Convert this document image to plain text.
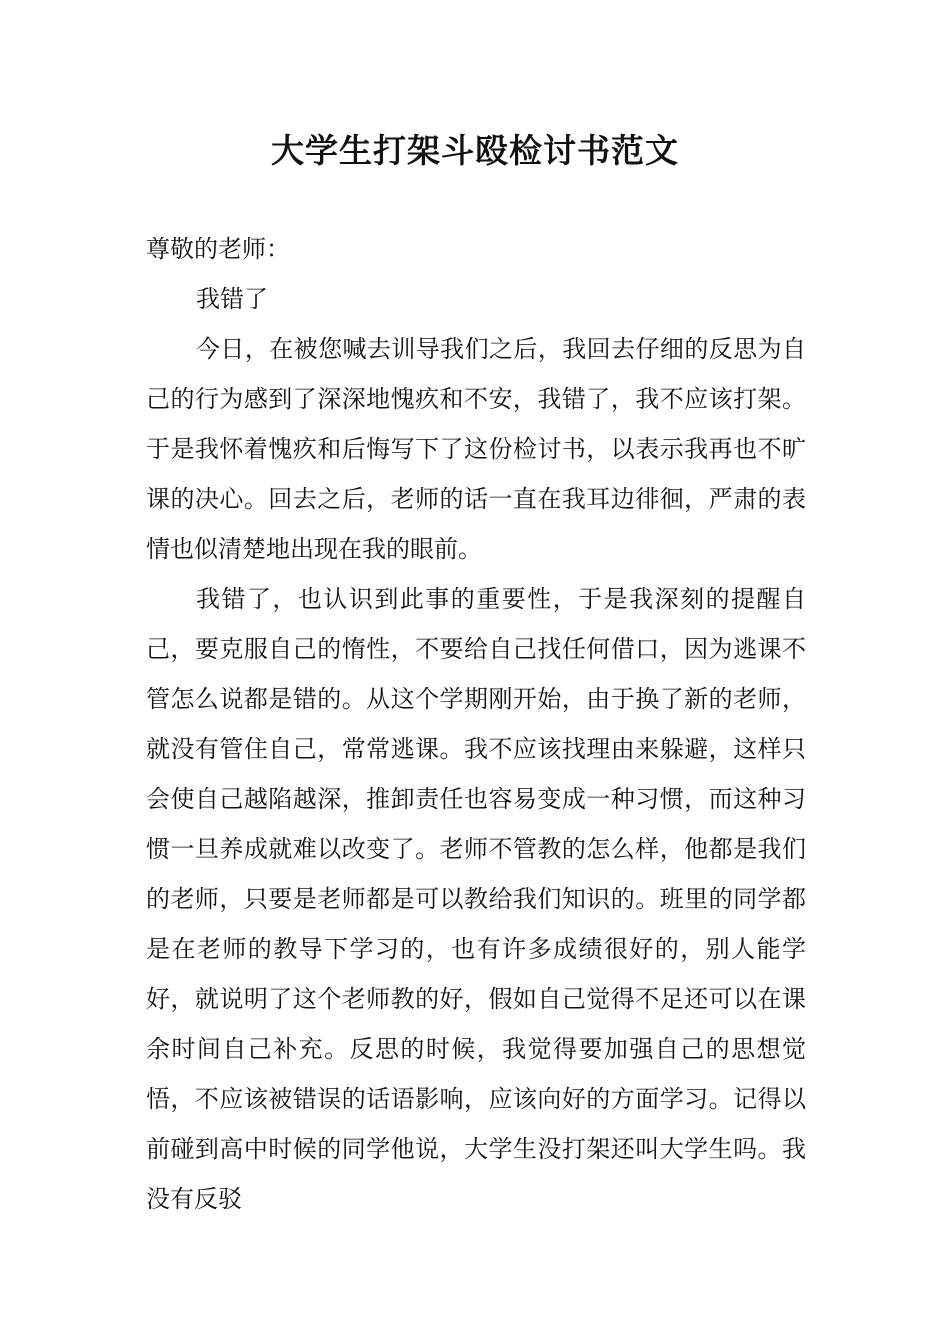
大学生打架斗殴检讨书范文

尊敬的老师：

我错了

今日，在被您喊去训导我们之后，我回去仔细的反思为自己的行为感到了深深地愧疚和不安，我错了，我不应该打架。于是我怀着愧疚和后悔写下了这份检讨书，以表示我再也不旷课的决心。回去之后，老师的话一直在我耳边徘徊，严肃的表情也似清楚地出现在我的眼前。

我错了，也认识到此事的重要性，于是我深刻的提醒自己，要克服自己的惰性，不要给自己找任何借口，因为逃课不管怎么说都是错的。从这个学期刚开始，由于换了新的老师，就没有管住自己，常常逃课。我不应该找理由来躲避，这样只会使自己越陷越深，推卸责任也容易变成一种习惯，而这种习惯一旦养成就难以改变了。老师不管教的怎么样，他都是我们的老师，只要是老师都是可以教给我们知识的。班里的同学都是在老师的教导下学习的，也有许多成绩很好的，别人能学好，就说明了这个老师教的好，假如自己觉得不足还可以在课余时间自己补充。反思的时候，我觉得要加强自己的思想觉悟，不应该被错误的话语影响，应该向好的方面学习。记得以前碰到高中时候的同学他说，大学生没打架还叫大学生吗。我没有反驳
